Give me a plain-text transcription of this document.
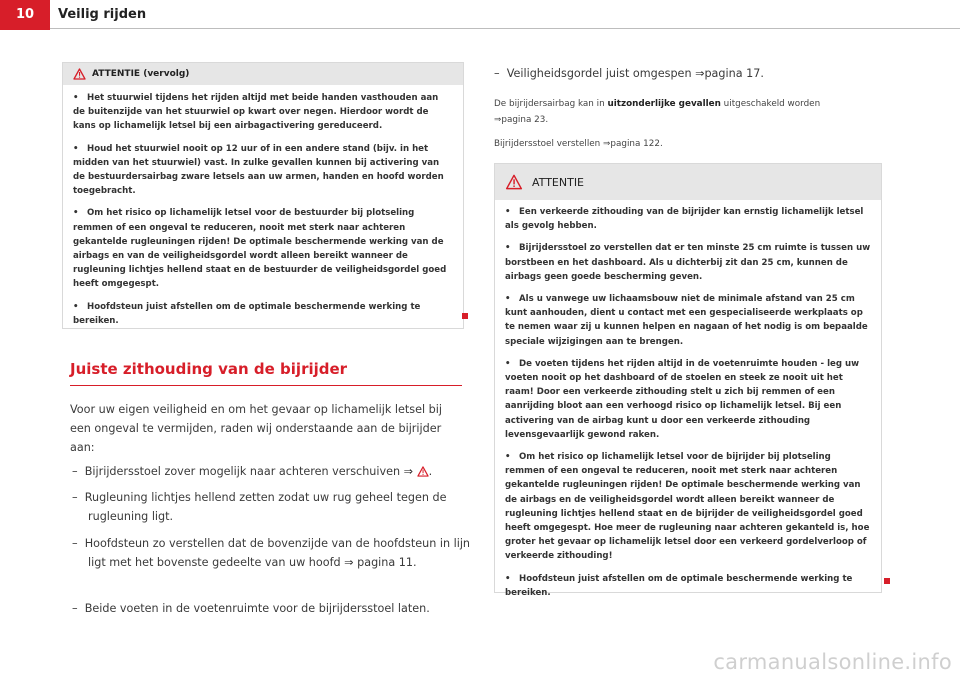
10	Veilig rijden
ATTENTIE (vervolg)

• Het stuurwiel tijdens het rijden altijd met beide handen vasthouden aan de buitenzijde van het stuurwiel op kwart over negen. Hierdoor wordt de kans op lichamelijk letsel bij een airbagactivering gereduceerd.

• Houd het stuurwiel nooit op 12 uur of in een andere stand (bijv. in het midden van het stuurwiel) vast. In zulke gevallen kunnen bij activering van de bestuurdersairbag zware letsels aan uw armen, handen en hoofd worden toegebracht.

• Om het risico op lichamelijk letsel voor de bestuurder bij plotseling remmen of een ongeval te reduceren, nooit met sterk naar achteren gekantelde rugleuningen rijden! De optimale beschermende werking van de airbags en van de veiligheidsgordel wordt alleen bereikt wanneer de rugleuning lichtjes hellend staat en de bestuurder de veiligheidsgordel goed heeft omgegespt.

• Hoofdsteun juist afstellen om de optimale beschermende werking te bereiken.

Juiste zithouding van de bijrijder

Voor uw eigen veiligheid en om het gevaar op lichamelijk letsel bij een ongeval te vermijden, raden wij onderstaande aan de bijrijder aan:

– Bijrijdersstoel zover mogelijk naar achteren verschuiven ⇒ .

– Rugleuning lichtjes hellend zetten zodat uw rug geheel tegen de rugleuning ligt.

– Hoofdsteun zo verstellen dat de bovenzijde van de hoofdsteun in lijn ligt met het bovenste gedeelte van uw hoofd ⇒ pagina 11.

– Beide voeten in de voetenruimte voor de bijrijdersstoel laten.

– Veiligheidsgordel juist omgespen ⇒pagina 17.

De bijrijdersairbag kan in uitzonderlijke gevallen uitgeschakeld worden
⇒pagina 23.

Bijrijdersstoel verstellen ⇒pagina 122.

ATTENTIE

• Een verkeerde zithouding van de bijrijder kan ernstig lichamelijk letsel als gevolg hebben.

• Bijrijdersstoel zo verstellen dat er ten minste 25 cm ruimte is tussen uw borstbeen en het dashboard. Als u dichterbij zit dan 25 cm, kunnen de airbags geen goede bescherming geven.

• Als u vanwege uw lichaamsbouw niet de minimale afstand van 25 cm kunt aanhouden, dient u contact met een gespecialiseerde werkplaats op te nemen waar zij u kunnen helpen en nagaan of het nodig is om bepaalde speciale wijzigingen aan te brengen.

• De voeten tijdens het rijden altijd in de voetenruimte houden - leg uw voeten nooit op het dashboard of de stoelen en steek ze nooit uit het raam! Door een verkeerde zithouding stelt u zich bij remmen of een aanrijding bloot aan een verhoogd risico op lichamelijk letsel. Bij een activering van de airbag kunt u door een verkeerde zithouding levensgevaarlijk gewond raken.

• Om het risico op lichamelijk letsel voor de bijrijder bij plotseling remmen of een ongeval te reduceren, nooit met sterk naar achteren gekantelde rugleuningen rijden! De optimale beschermende werking van de airbags en de veiligheidsgordel wordt alleen bereikt wanneer de rugleuning lichtjes hellend staat en de bijrijder de veiligheidsgordel goed heeft omgegespt. Hoe meer de rugleuning naar achteren gekanteld is, hoe groter het gevaar op lichamelijk letsel door een verkeerd gordelverloop of verkeerde zithouding!

• Hoofdsteun juist afstellen om de optimale beschermende werking te bereiken.

carmanualsonline.info
